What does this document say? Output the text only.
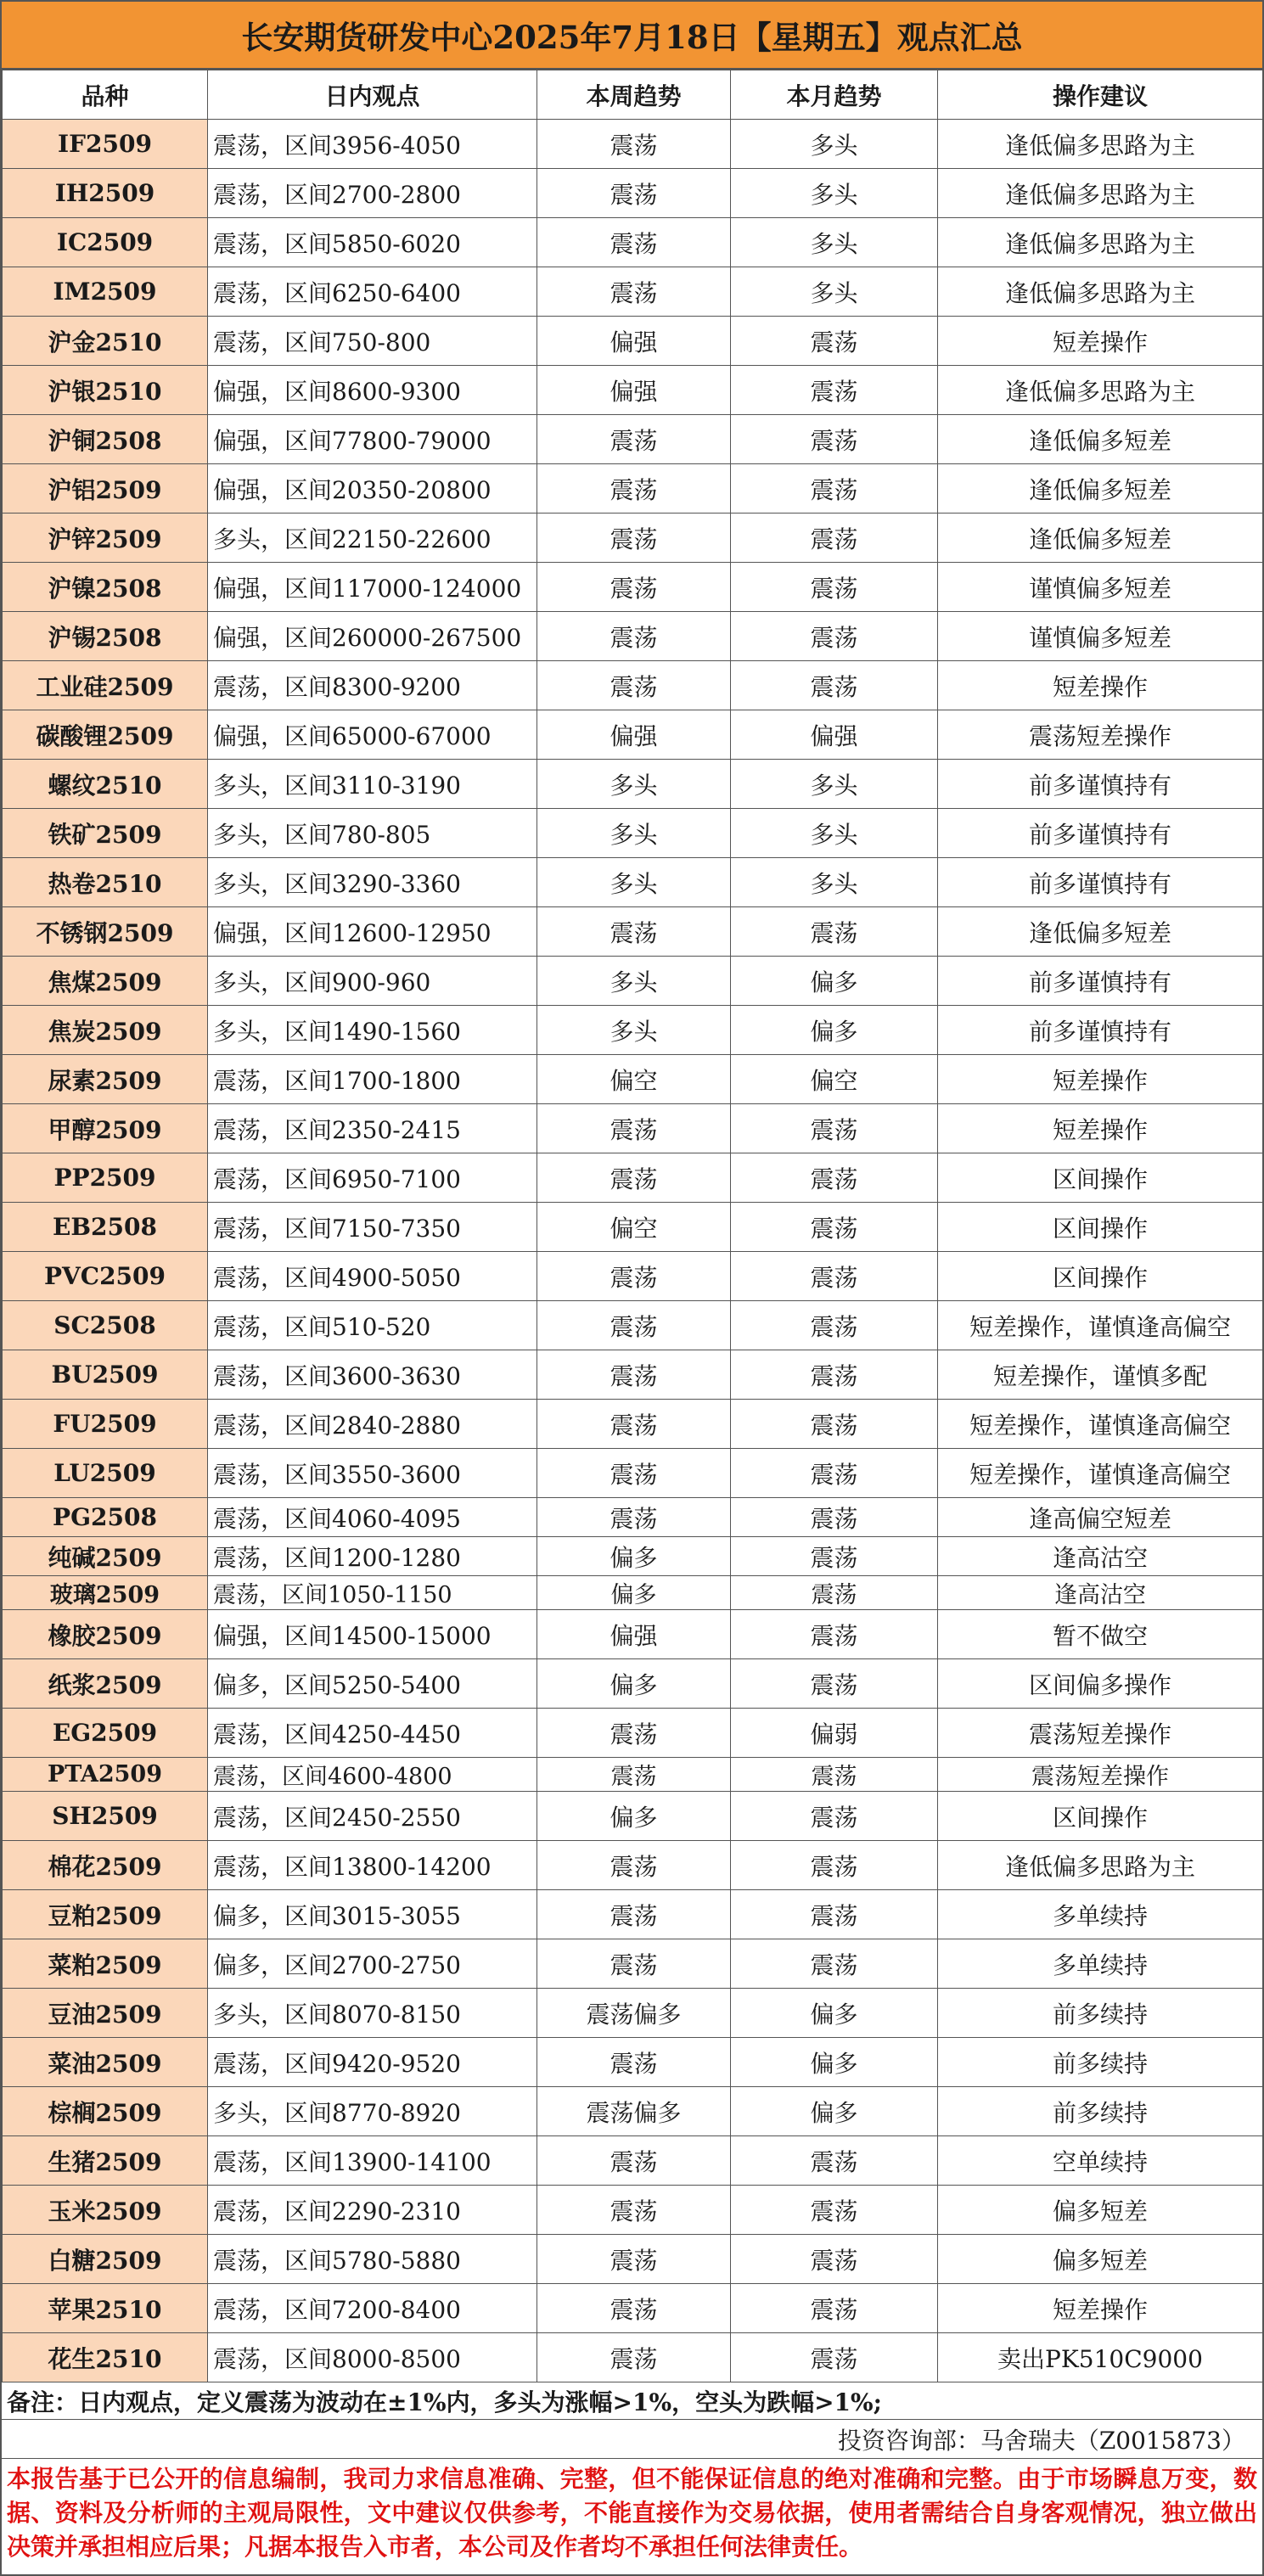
长安期货研发中心2025年7月18日【星期五】观点汇总
品种	日内观点	本周趋势	本月趋势	操作建议
IF2509	震荡，区间3956-4050	震荡	多头	逢低偏多思路为主
IH2509	震荡，区间2700-2800	震荡	多头	逢低偏多思路为主
IC2509	震荡，区间5850-6020	震荡	多头	逢低偏多思路为主
IM2509	震荡，区间6250-6400	震荡	多头	逢低偏多思路为主
沪金2510	震荡，区间750-800	偏强	震荡	短差操作
沪银2510	偏强，区间8600-9300	偏强	震荡	逢低偏多思路为主
沪铜2508	偏强，区间77800-79000	震荡	震荡	逢低偏多短差
沪铝2509	偏强，区间20350-20800	震荡	震荡	逢低偏多短差
沪锌2509	多头，区间22150-22600	震荡	震荡	逢低偏多短差
沪镍2508	偏强，区间117000-124000	震荡	震荡	谨慎偏多短差
沪锡2508	偏强，区间260000-267500	震荡	震荡	谨慎偏多短差
工业硅2509	震荡，区间8300-9200	震荡	震荡	短差操作
碳酸锂2509	偏强，区间65000-67000	偏强	偏强	震荡短差操作
螺纹2510	多头，区间3110-3190	多头	多头	前多谨慎持有
铁矿2509	多头，区间780-805	多头	多头	前多谨慎持有
热卷2510	多头，区间3290-3360	多头	多头	前多谨慎持有
不锈钢2509	偏强，区间12600-12950	震荡	震荡	逢低偏多短差
焦煤2509	多头，区间900-960	多头	偏多	前多谨慎持有
焦炭2509	多头，区间1490-1560	多头	偏多	前多谨慎持有
尿素2509	震荡，区间1700-1800	偏空	偏空	短差操作
甲醇2509	震荡，区间2350-2415	震荡	震荡	短差操作
PP2509	震荡，区间6950-7100	震荡	震荡	区间操作
EB2508	震荡，区间7150-7350	偏空	震荡	区间操作
PVC2509	震荡，区间4900-5050	震荡	震荡	区间操作
SC2508	震荡，区间510-520	震荡	震荡	短差操作，谨慎逢高偏空
BU2509	震荡，区间3600-3630	震荡	震荡	短差操作，谨慎多配
FU2509	震荡，区间2840-2880	震荡	震荡	短差操作，谨慎逢高偏空
LU2509	震荡，区间3550-3600	震荡	震荡	短差操作，谨慎逢高偏空
PG2508	震荡，区间4060-4095	震荡	震荡	逢高偏空短差
纯碱2509	震荡，区间1200-1280	偏多	震荡	逢高沽空
玻璃2509	震荡，区间1050-1150	偏多	震荡	逢高沽空
橡胶2509	偏强，区间14500-15000	偏强	震荡	暂不做空
纸浆2509	偏多，区间5250-5400	偏多	震荡	区间偏多操作
EG2509	震荡，区间4250-4450	震荡	偏弱	震荡短差操作
PTA2509	震荡，区间4600-4800	震荡	震荡	震荡短差操作
SH2509	震荡，区间2450-2550	偏多	震荡	区间操作
棉花2509	震荡，区间13800-14200	震荡	震荡	逢低偏多思路为主
豆粕2509	偏多，区间3015-3055	震荡	震荡	多单续持
菜粕2509	偏多，区间2700-2750	震荡	震荡	多单续持
豆油2509	多头，区间8070-8150	震荡偏多	偏多	前多续持
菜油2509	震荡，区间9420-9520	震荡	偏多	前多续持
棕榈2509	多头，区间8770-8920	震荡偏多	偏多	前多续持
生猪2509	震荡，区间13900-14100	震荡	震荡	空单续持
玉米2509	震荡，区间2290-2310	震荡	震荡	偏多短差
白糖2509	震荡，区间5780-5880	震荡	震荡	偏多短差
苹果2510	震荡，区间7200-8400	震荡	震荡	短差操作
花生2510	震荡，区间8000-8500	震荡	震荡	卖出PK510C9000
备注：日内观点，定义震荡为波动在±1%内，多头为涨幅>1%，空头为跌幅>1%;
投资咨询部：马舍瑞夫（Z0015873）
本报告基于已公开的信息编制，我司力求信息准确、完整，但不能保证信息的绝对准确和完整。由于市场瞬息万变，数据、资料及分析师的主观局限性，文中建议仅供参考，不能直接作为交易依据，使用者需结合自身客观情况，独立做出决策并承担相应后果；凡据本报告入市者，本公司及作者均不承担任何法律责任。
